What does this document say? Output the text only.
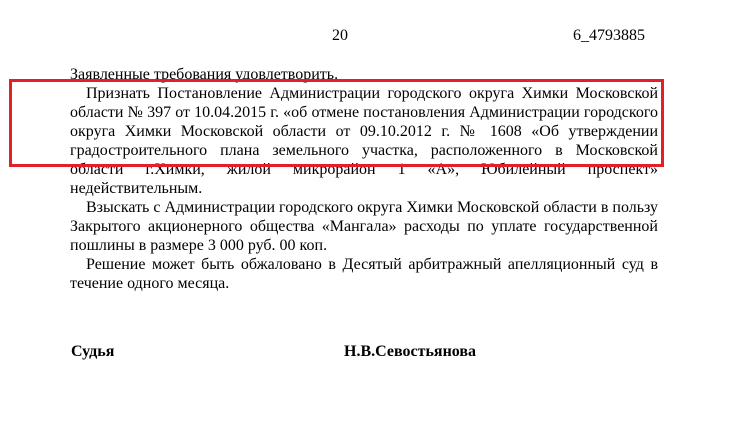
20	6_4793885

Заявленные требования удовлетворить.

Признать Постановление Администрации городского округа Химки Московской области № 397 от 10.04.2015 г. «об отмене постановления Администрации городского округа Химки Московской области от 09.10.2012 г. № 1608 «Об утверждении градостроительного плана земельного участка, расположенного в Московской области г.Химки, жилой микрорайон 1 «А», Юбилейный проспект» недействительным.

Взыскать с Администрации городского округа Химки Московской области в пользу Закрытого акционерного общества «Мангала» расходы по уплате государственной пошлины в размере 3 000 руб. 00 коп.

Решение может быть обжаловано в Десятый арбитражный апелляционный суд в течение одного месяца.

Судья	Н.В.Севостьянова
